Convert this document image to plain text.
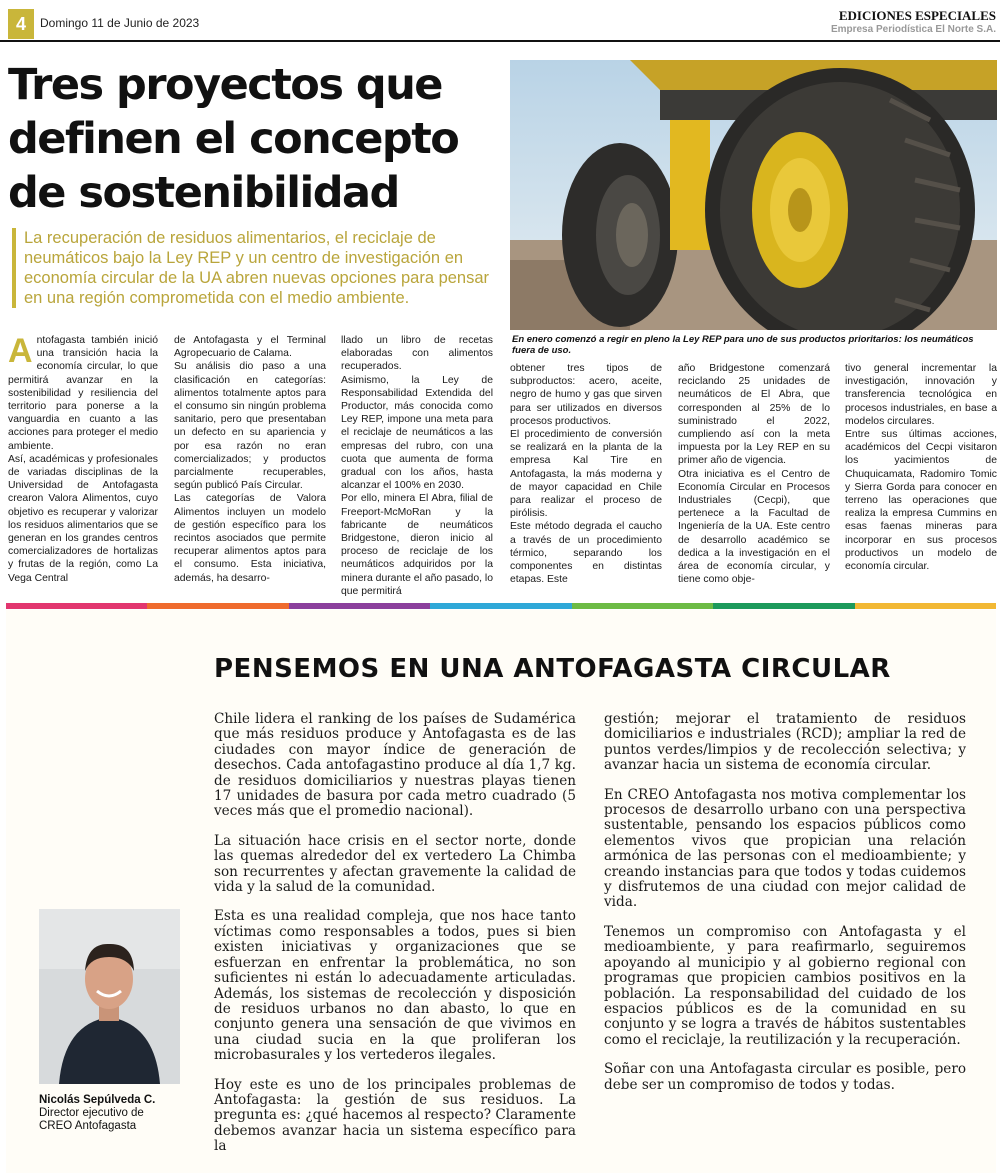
4	Domingo 11 de Junio de 2023	EDICIONES ESPECIALES
Empresa Periodística El Norte S.A.
Tres proyectos que
definen el concepto
de sostenibilidad
La recuperación de residuos alimentarios, el reciclaje de neumáticos bajo la Ley REP y un centro de investigación en economía circular de la UA abren nuevas opciones para pensar en una región comprometida con el medio ambiente.
En enero comenzó a regir en pleno la Ley REP para uno de sus productos prioritarios: los neumáticos fuera de uso.

Antofagasta también inició una transición hacia la economía circular, lo que permitirá avanzar en la sostenibilidad y resiliencia del territorio para ponerse a la vanguardia en cuanto a las acciones para proteger el medio ambiente.

Así, académicas y profesionales de variadas disciplinas de la Universidad de Antofagasta crearon Valora Alimentos, cuyo objetivo es recuperar y valorizar los residuos alimentarios que se generan en los grandes centros comercializadores de hortalizas y frutas de la región, como La Vega Central

de Antofagasta y el Terminal Agropecuario de Calama.

Su análisis dio paso a una clasificación en categorías: alimentos totalmente aptos para el consumo sin ningún problema sanitario, pero que presentaban un defecto en su apariencia y por esa razón no eran comercializados; y productos parcialmente recuperables, según publicó País Circular.

Las categorías de Valora Alimentos incluyen un modelo de gestión específico para los recintos asociados que permite recuperar alimentos aptos para el consumo. Esta iniciativa, además, ha desarro-

llado un libro de recetas elaboradas con alimentos recuperados.

Asimismo, la Ley de Responsabilidad Extendida del Productor, más conocida como Ley REP, impone una meta para el reciclaje de neumáticos a las empresas del rubro, con una cuota que aumenta de forma gradual con los años, hasta alcanzar el 100% en 2030.

Por ello, minera El Abra, filial de Freeport-McMoRan y la fabricante de neumáticos Bridgestone, dieron inicio al proceso de reciclaje de los neumáticos adquiridos por la minera durante el año pasado, lo que permitirá

obtener tres tipos de subproductos: acero, aceite, negro de humo y gas que sirven para ser utilizados en diversos procesos productivos.

El procedimiento de conversión se realizará en la planta de la empresa Kal Tire en Antofagasta, la más moderna y de mayor capacidad en Chile para realizar el proceso de pirólisis.

Este método degrada el caucho a través de un procedimiento térmico, separando los componentes en distintas etapas. Este

año Bridgestone comenzará reciclando 25 unidades de neumáticos de El Abra, que corresponden al 25% de lo suministrado el 2022, cumpliendo así con la meta impuesta por la Ley REP en su primer año de vigencia.

Otra iniciativa es el Centro de Economía Circular en Procesos Industriales (Cecpi), que pertenece a la Facultad de Ingeniería de la UA. Este centro de desarrollo académico se dedica a la investigación en el área de economía circular, y tiene como obje-

tivo general incrementar la investigación, innovación y transferencia tecnológica en procesos industriales, en base a modelos circulares.

Entre sus últimas acciones, académicos del Cecpi visitaron los yacimientos de Chuquicamata, Radomiro Tomic y Sierra Gorda para conocer en terreno las operaciones que realiza la empresa Cummins en esas faenas mineras para incorporar en sus procesos productivos un modelo de economía circular.

PENSEMOS EN UNA ANTOFAGASTA CIRCULAR

Chile lidera el ranking de los países de Sudamérica que más residuos produce y Antofagasta es de las ciudades con mayor índice de generación de desechos. Cada antofagastino produce al día 1,7 kg. de residuos domiciliarios y nuestras playas tienen 17 unidades de basura por cada metro cuadrado (5 veces más que el promedio nacional).

La situación hace crisis en el sector norte, donde las quemas alrededor del ex vertedero La Chimba son recurrentes y afectan gravemente la calidad de vida y la salud de la comunidad.

Esta es una realidad compleja, que nos hace tanto víctimas como responsables a todos, pues si bien existen iniciativas y organizaciones que se esfuerzan en enfrentar la problemática, no son suficientes ni están lo adecuadamente articuladas. Además, los sistemas de recolección y disposición de residuos urbanos no dan abasto, lo que en conjunto genera una sensación de que vivimos en una ciudad sucia en la que proliferan los microbasurales y los vertederos ilegales.

Hoy este es uno de los principales problemas de Antofagasta: la gestión de sus residuos. La pregunta es: ¿qué hacemos al respecto? Claramente debemos avanzar hacia un sistema específico para la

gestión; mejorar el tratamiento de residuos domiciliarios e industriales (RCD); ampliar la red de puntos verdes/limpios y de recolección selectiva; y avanzar hacia un sistema de economía circular.

En CREO Antofagasta nos motiva complementar los procesos de desarrollo urbano con una perspectiva sustentable, pensando los espacios públicos como elementos vivos que propician una relación armónica de las personas con el medioambiente; y creando instancias para que todos y todas cuidemos y disfrutemos de una ciudad con mejor calidad de vida.

Tenemos un compromiso con Antofagasta y el medioambiente, y para reafirmarlo, seguiremos apoyando al municipio y al gobierno regional con programas que propicien cambios positivos en la población. La responsabilidad del cuidado de los espacios públicos es de la comunidad en su conjunto y se logra a través de hábitos sustentables como el reciclaje, la reutilización y la recuperación.

Soñar con una Antofagasta circular es posible, pero debe ser un compromiso de todos y todas.

Nicolás Sepúlveda C.
Director ejecutivo de
CREO Antofagasta
